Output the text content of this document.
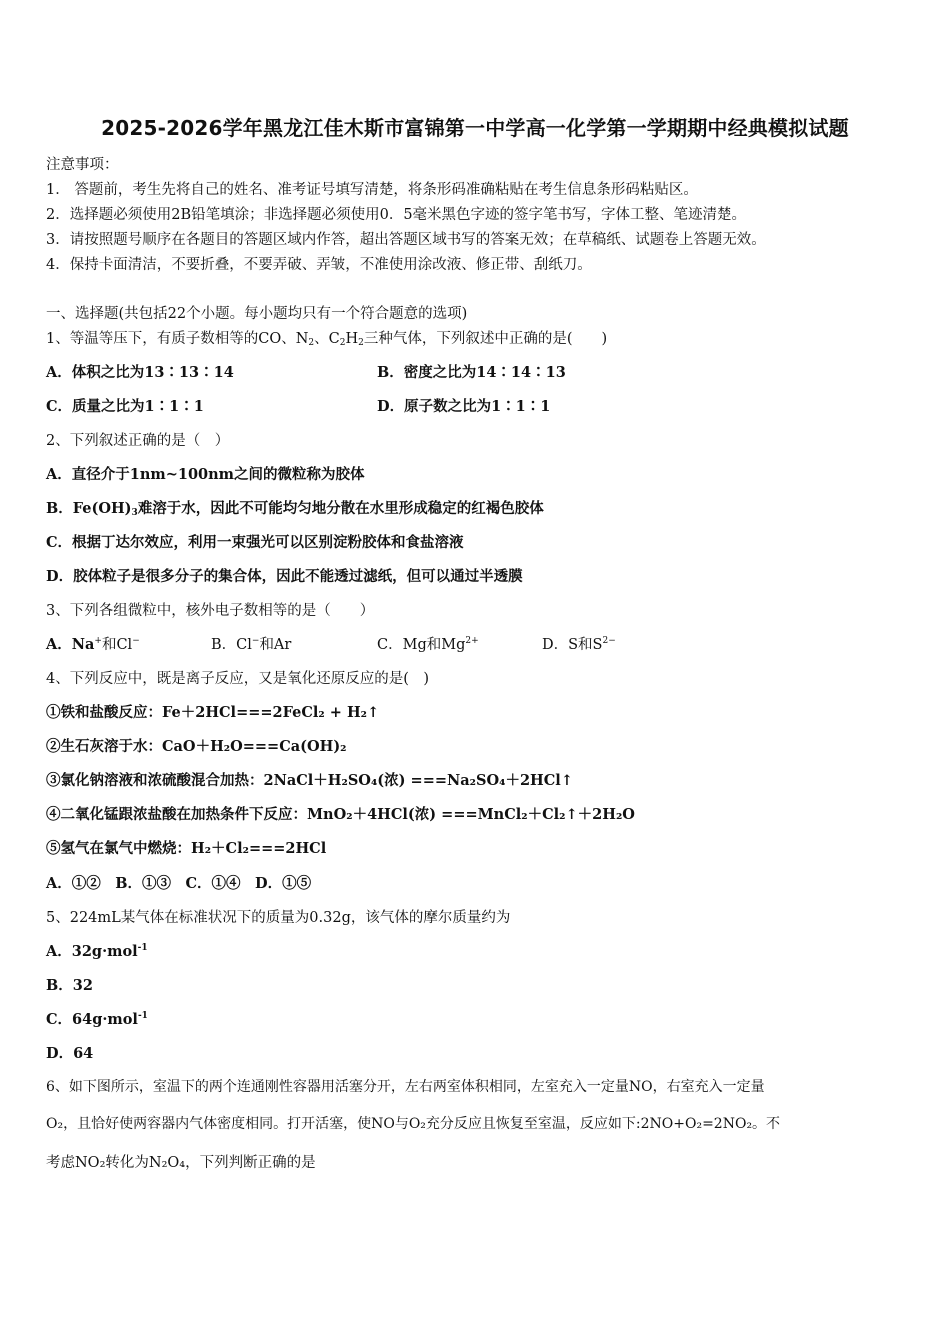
2025-2026学年黑龙江佳木斯市富锦第一中学高一化学第一学期期中经典模拟试题
注意事项：
1． 答题前，考生先将自己的姓名、准考证号填写清楚，将条形码准确粘贴在考生信息条形码粘贴区。
2．选择题必须使用2B铅笔填涂；非选择题必须使用0．5毫米黑色字迹的签字笔书写，字体工整、笔迹清楚。
3．请按照题号顺序在各题目的答题区域内作答，超出答题区域书写的答案无效；在草稿纸、试题卷上答题无效。
4．保持卡面清洁，不要折叠，不要弄破、弄皱，不准使用涂改液、修正带、刮纸刀。
一、选择题(共包括22个小题。每小题均只有一个符合题意的选项)
1、等温等压下，有质子数相等的CO、$N_2$、$C_2H_2$三种气体，下列叙述中正确的是(　　)
A．体积之比为13∶13∶14	B．密度之比为14∶14∶13
C．质量之比为1∶1∶1	D．原子数之比为1∶1∶1
2、下列叙述正确的是（　）
A．直径介于1nm~100nm之间的微粒称为胶体
B．$Fe(OH)_3$难溶于水，因此不可能均匀地分散在水里形成稳定的红褐色胶体
C．根据丁达尔效应，利用一束强光可以区别淀粉胶体和食盐溶液
D．胶体粒子是很多分子的集合体，因此不能透过滤纸，但可以通过半透膜
3、下列各组微粒中，核外电子数相等的是（　　）
A．Na+和Cl−	B．Cl−和Ar	C．Mg和$Mg^{2+}$	D．S和$S^{2-}$
4、下列反应中，既是离子反应，又是氧化还原反应的是(　)
①铁和盐酸反应：Fe＋2HCl===2FeCl₂ + H₂↑
②生石灰溶于水：CaO＋H₂O===Ca(OH)₂
③氯化钠溶液和浓硫酸混合加热：2NaCl＋H₂SO₄(浓) ===Na₂SO₄＋2HCl↑
④二氧化锰跟浓盐酸在加热条件下反应：MnO₂＋4HCl(浓) ===MnCl₂＋Cl₂↑＋2H₂O
⑤氢气在氯气中燃烧：H₂＋Cl₂===2HCl
A．①②　B．①③　C．①④　D．①⑤
5、224mL某气体在标准状况下的质量为0.32g，该气体的摩尔质量约为
A．32g·mol$^{-1}$
B．32
C．64g·mol$^{-1}$
D．64
6、如下图所示，室温下的两个连通刚性容器用活塞分开，左右两室体积相同，左室充入一定量NO，右室充入一定量
O₂，且恰好使两容器内气体密度相同。打开活塞，使NO与O₂充分反应且恢复至室温，反应如下:2NO+O₂=2NO₂。不
考虑NO₂转化为N₂O₄，下列判断正确的是
